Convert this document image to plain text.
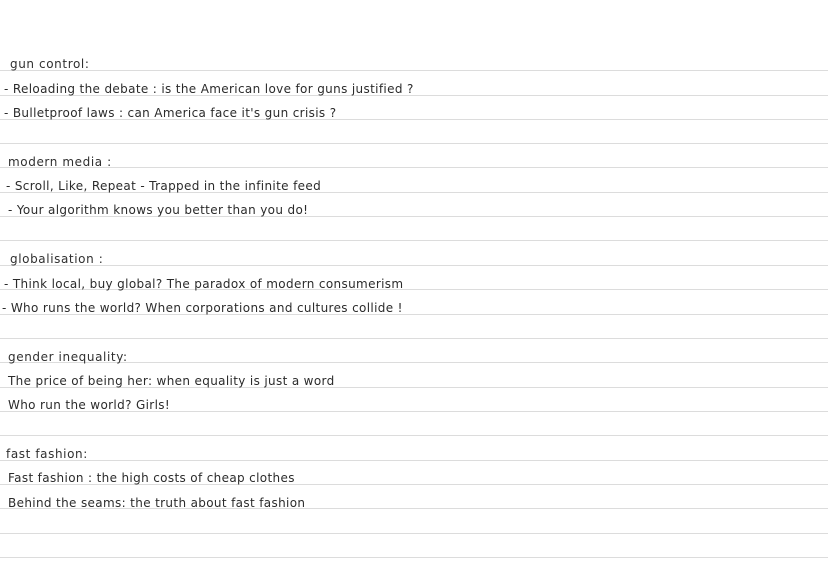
gun control:
- Reloading the debate : is the American love for guns justified ?
- Bulletproof laws : can America face it's gun crisis ?
modern media :
- Scroll, Like, Repeat - Trapped in the infinite feed
- Your algorithm knows you better than you do!
globalisation :
- Think local, buy global? The paradox of modern consumerism
- Who runs the world? When corporations and cultures collide !
gender inequality:
The price of being her: when equality is just a word
Who run the world? Girls!
fast fashion:
Fast fashion : the high costs of cheap clothes
Behind the seams: the truth about fast fashion
